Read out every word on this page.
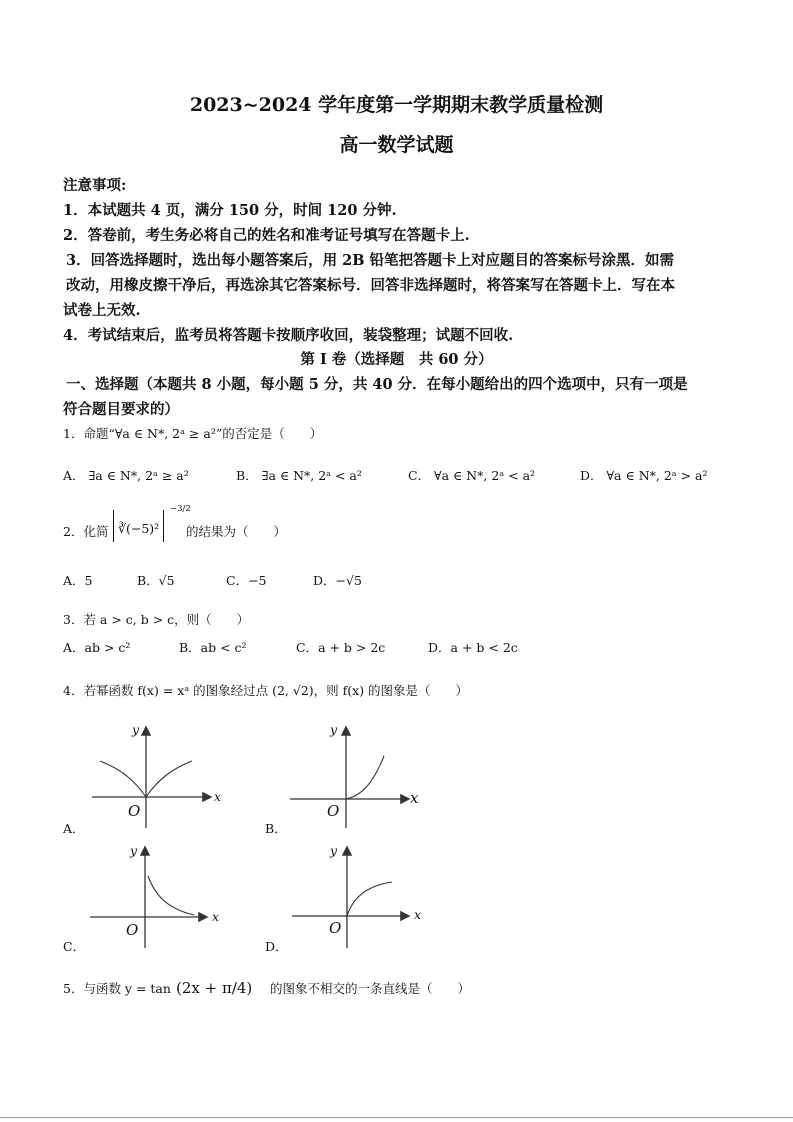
2023~2024 学年度第一学期期末教学质量检测
高一数学试题
注意事项:
1．本试题共 4 页，满分 150 分，时间 120 分钟.
2．答卷前，考生务必将自己的姓名和准考证号填写在答题卡上.
3．回答选择题时，选出每小题答案后，用 2B 铅笔把答题卡上对应题目的答案标号涂黑．如需
改动，用橡皮擦干净后，再选涂其它答案标号．回答非选择题时，将答案写在答题卡上．写在本
试卷上无效.
4．考试结束后，监考员将答题卡按顺序收回，装袋整理；试题不回收.
第 I 卷（选择题　共 60 分）
一、选择题（本题共 8 小题，每小题 5 分，共 40 分．在每小题给出的四个选项中，只有一项是
符合题目要求的）
1．命题“∀a ∈ N*, 2ᵃ ≥ a²”的否定是（　　）
A． ∃a ∈ N*, 2ᵃ ≥ a²	B． ∃a ∈ N*, 2ᵃ < a²	C． ∀a ∈ N*, 2ᵃ < a²	D． ∀a ∈ N*, 2ᵃ > a²
2．化简 $_{∛(-5)^2}$
−3/2
的结果为（　　）
A．5	B．√5	C．−5	D．−√5
3．若 a > c, b > c，则（　　）
A．ab > c²	B．ab < c²	C．a + b > 2c	D．a + b < 2c
4．若幂函数 f(x) = xᵃ 的图象经过点 (2, √2)，则 f(x) 的图象是（　　）
A．
x
y
O
B．
x
y
O
C．
x
y
O
D．
x
y
O
5．与函数 y = tan (2x + π/4) 的图象不相交的一条直线是（　　）
